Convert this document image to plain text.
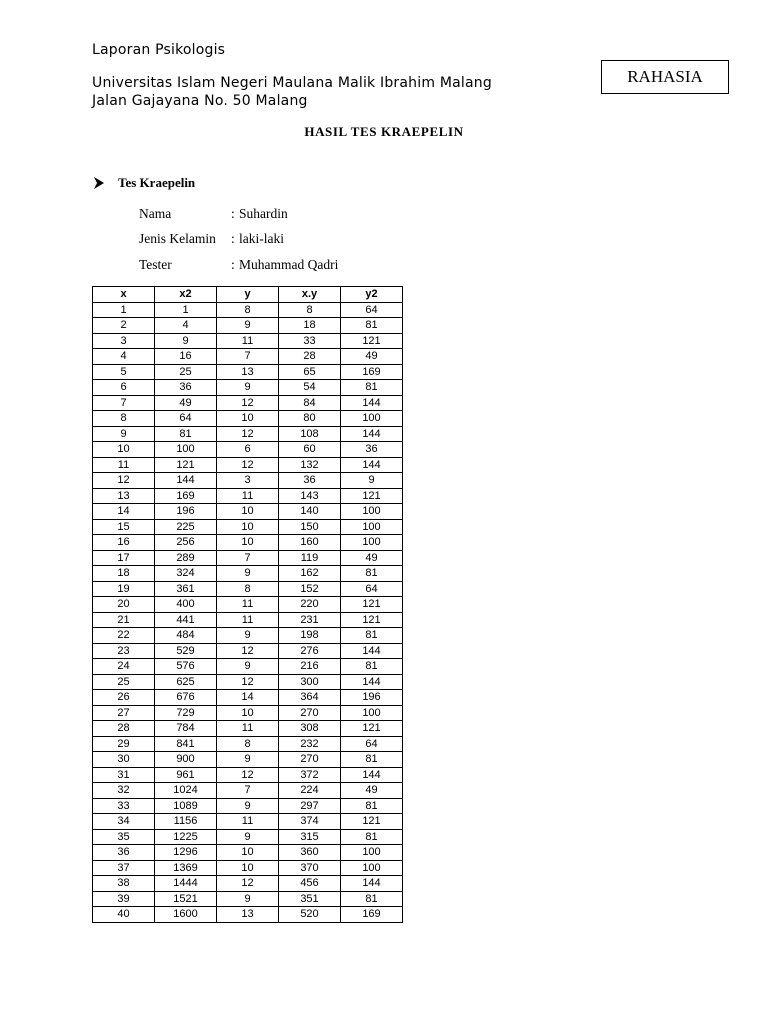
Laporan Psikologis
Universitas Islam Negeri Maulana Malik Ibrahim Malang
Jalan Gajayana No. 50 Malang
RAHASIA
HASIL TES KRAEPELIN
Tes Kraepelin
Nama	: Suhardin
Jenis Kelamin	: laki-laki
Tester	: Muhammad Qadri
x	x2	y	x.y	y2
1	1	8	8	64
2	4	9	18	81
3	9	11	33	121
4	16	7	28	49
5	25	13	65	169
6	36	9	54	81
7	49	12	84	144
8	64	10	80	100
9	81	12	108	144
10	100	6	60	36
11	121	12	132	144
12	144	3	36	9
13	169	11	143	121
14	196	10	140	100
15	225	10	150	100
16	256	10	160	100
17	289	7	119	49
18	324	9	162	81
19	361	8	152	64
20	400	11	220	121
21	441	11	231	121
22	484	9	198	81
23	529	12	276	144
24	576	9	216	81
25	625	12	300	144
26	676	14	364	196
27	729	10	270	100
28	784	11	308	121
29	841	8	232	64
30	900	9	270	81
31	961	12	372	144
32	1024	7	224	49
33	1089	9	297	81
34	1156	11	374	121
35	1225	9	315	81
36	1296	10	360	100
37	1369	10	370	100
38	1444	12	456	144
39	1521	9	351	81
40	1600	13	520	169
